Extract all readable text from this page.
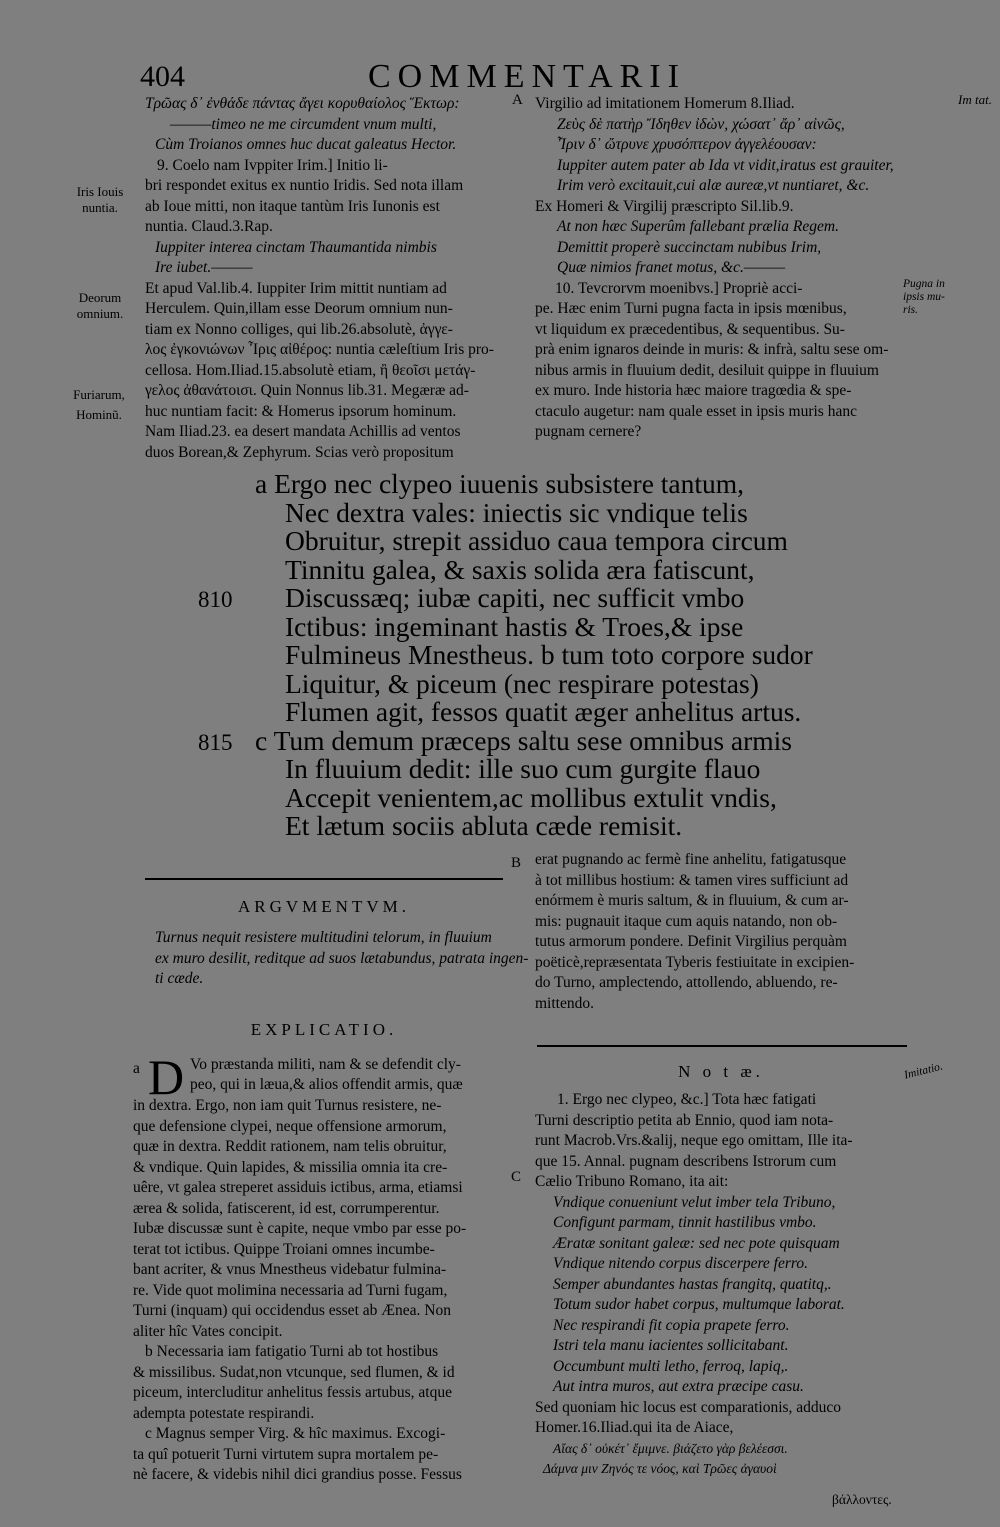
404	COMMENTARII
Im tat.
Iris Iouis
nuntia.
Deorum
omnium.
Furiarum,
Hominũ.
Pugna in
ipsis mu-
ris.
Imitatio.
A
B
C
Τρῶας δ᾽ ἐνθάδε πάντας ἄγει κορυθαίολος Ἕκτωρ:
———timeo ne me circumdent vnum multi,
Cùm Troianos omnes huc ducat galeatus Hector.
9. Coelo nam Ivppiter Irim.] Initio li-
bri respondet exitus ex nuntio Iridis. Sed nota illam
ab Ioue mitti, non itaque tantùm Iris Iunonis est
nuntia. Claud.3.Rap.
Iuppiter interea cinctam Thaumantida nimbis
Ire iubet.———
Et apud Val.lib.4. Iuppiter Irim mittit nuntiam ad
Herculem. Quin,illam esse Deorum omnium nun-
tiam ex Nonno colliges, qui lib.26.absolutè, ἀγγε-
λος ἐγκονιώνων Ἶρις αἰθέρος: nuntia cæleſtium Iris pro-
cellosa. Hom.Iliad.15.absolutè etiam, ἢ θεοῖσι μετάγ-
γελος ἀθανάτοισι. Quin Nonnus lib.31. Megæræ ad-
huc nuntiam facit: & Homerus ipsorum hominum.
Nam Iliad.23. ea desert mandata Achillis ad ventos
duos Borean,& Zephyrum. Scias verò propositum
Virgilio ad imitationem Homerum 8.Iliad.
Ζεὺς δὲ πατὴρ Ἴδηθεν ἰδὼν, χώσατ᾽ ἄρ᾽ αἰνῶς,
Ἶριν δ᾽ ὤτρυνε χρυσόπτερον ἀγγελέουσαν:
Iuppiter autem pater ab Ida vt vidit,iratus est grauiter,
Irim verò excitauit,cui alæ aureæ,vt nuntiaret, &c.
Ex Homeri & Virgilij præscripto Sil.lib.9.
At non hæc Superûm fallebant prælia Regem.
Demittit properè succinctam nubibus Irim,
Quæ nimios franet motus, &c.———
10. Tevcrorvm moenibvs.] Propriè acci-
pe. Hæc enim Turni pugna facta in ipsis mœnibus,
vt liquidum ex præcedentibus, & sequentibus. Su-
prà enim ignaros deinde in muris: & infrà, saltu sese om-
nibus armis in fluuium dedit, desiluit quippe in fluuium
ex muro. Inde historia hæc maiore tragœdia & spe-
ctaculo augetur: nam quale esset in ipsis muris hanc
pugnam cernere?
a Ergo nec clypeo iuuenis subsistere tantum,
Nec dextra vales: iniectis sic vndique telis
Obruitur, strepit assiduo caua tempora circum
Tinnitu galea, & saxis solida æra fatiscunt,
Discussæq; iubæ capiti, nec sufficit vmbo
Ictibus: ingeminant hastis & Troes,& ipse
Fulmineus Mnestheus. b tum toto corpore sudor
Liquitur, & piceum (nec respirare potestas)
Flumen agit, fessos quatit æger anhelitus artus.
c Tum demum præceps saltu sese omnibus armis
In fluuium dedit: ille suo cum gurgite flauo
Accepit venientem,ac mollibus extulit vndis,
Et lætum sociis abluta cæde remisit.
810
815
ARGVMENTVM.
Turnus nequit resistere multitudini telorum, in fluuium
ex muro desilit, reditque ad suos lætabundus, patrata ingen-
ti cæde.
erat pugnando ac fermè fine anhelitu, fatigatusque
à tot millibus hostium: & tamen vires sufficiunt ad
enórmem è muris saltum, & in fluuium, & cum ar-
mis: pugnauit itaque cum aquis natando, non ob-
tutus armorum pondere. Definit Virgilius perquàm
poëticè,repræsentata Tyberis festiuitate in excipien-
do Turno, amplectendo, attollendo, abluendo, re-
mittendo.
EXPLICATIO.
a D Vo præstanda militi, nam & se defendit cly-
peo, qui in læua,& alios offendit armis, quæ
in dextra. Ergo, non iam quit Turnus resistere, ne-
que defensione clypei, neque offensione armorum,
quæ in dextra. Reddit rationem, nam telis obruitur,
& vndique. Quin lapides, & missilia omnia ita cre-
uêre, vt galea streperet assiduis ictibus, arma, etiamsi
ærea & solida, fatiscerent, id est, corrumperentur.
Iubæ discussæ sunt è capite, neque vmbo par esse po-
terat tot ictibus. Quippe Troiani omnes incumbe-
bant acriter, & vnus Mnestheus videbatur fulmina-
re. Vide quot molimina necessaria ad Turni fugam,
Turni (inquam) qui occidendus esset ab Ænea. Non
aliter hîc Vates concipit.
b Necessaria iam fatigatio Turni ab tot hostibus
& missilibus. Sudat,non vtcunque, sed flumen, & id
piceum, intercluditur anhelitus fessis artubus, atque
adempta potestate respirandi.
c Magnus semper Virg. & hîc maximus. Excogi-
ta quî potuerit Turni virtutem supra mortalem pe-
nè facere, & videbis nihil dici grandius posse. Fessus
N o t æ.
1. Ergo nec clypeo, &c.] Tota hæc fatigati
Turni descriptio petita ab Ennio, quod iam nota-
runt Macrob.Vrs.&alij, neque ego omittam, Ille ita-
que 15. Annal. pugnam describens Istrorum cum
Cælio Tribuno Romano, ita ait:
Vndique conueniunt velut imber tela Tribuno,
Configunt parmam, tinnit hastilibus vmbo.
Æratæ sonitant galeæ: sed nec pote quisquam
Vndique nitendo corpus discerpere ferro.
Semper abundantes hastas frangitq, quatitq,.
Totum sudor habet corpus, multumque laborat.
Nec respirandi fit copia prapete ferro.
Istri tela manu iacientes sollicitabant.
Occumbunt multi letho, ferroq, lapiq,.
Aut intra muros, aut extra præcipe casu.
Sed quoniam hic locus est comparationis, adduco
Homer.16.Iliad.qui ita de Aiace,
Αἴας δ᾽ οὐκέτ᾽ ἔμιμνε. βιάζετο γὰρ βελέεσσι.
Δάμνα μιν Ζηνός τε νόος, καὶ Τρῶες ἀγαυοὶ
βάλλοντες.
